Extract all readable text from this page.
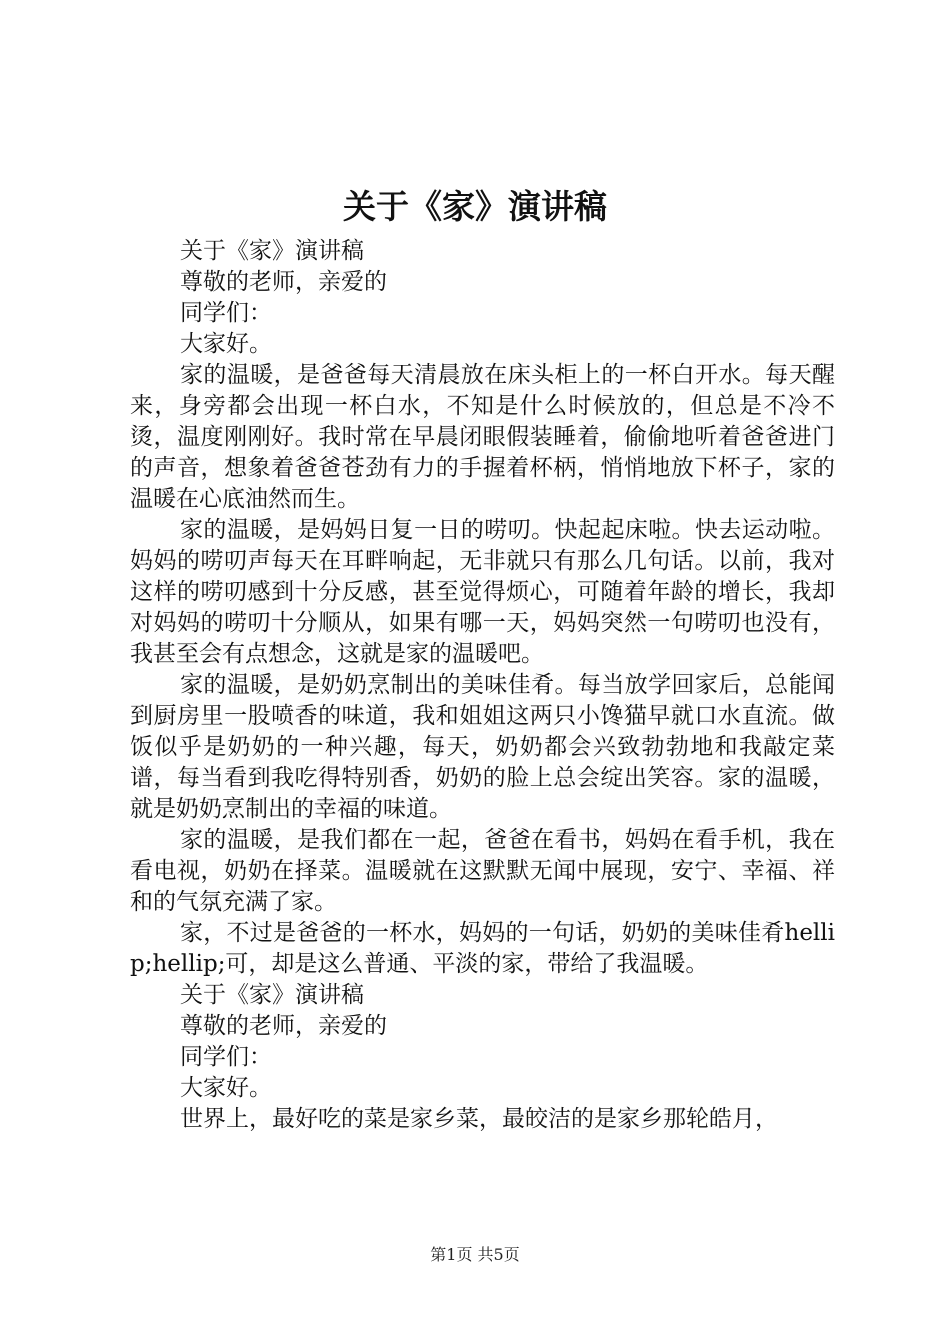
关于《家》演讲稿

关于《家》演讲稿

尊敬的老师，亲爱的

同学们：

大家好。

家的温暖，是爸爸每天清晨放在床头柜上的一杯白开水。每天醒来，身旁都会出现一杯白水，不知是什么时候放的，但总是不冷不烫，温度刚刚好。我时常在早晨闭眼假装睡着，偷偷地听着爸爸进门的声音，想象着爸爸苍劲有力的手握着杯柄，悄悄地放下杯子，家的温暖在心底油然而生。

家的温暖，是妈妈日复一日的唠叨。快起起床啦。快去运动啦。妈妈的唠叨声每天在耳畔响起，无非就只有那么几句话。以前，我对这样的唠叨感到十分反感，甚至觉得烦心，可随着年龄的增长，我却对妈妈的唠叨十分顺从，如果有哪一天，妈妈突然一句唠叨也没有，我甚至会有点想念，这就是家的温暖吧。

家的温暖，是奶奶烹制出的美味佳肴。每当放学回家后，总能闻到厨房里一股喷香的味道，我和姐姐这两只小馋猫早就口水直流。做饭似乎是奶奶的一种兴趣，每天，奶奶都会兴致勃勃地和我敲定菜谱，每当看到我吃得特别香，奶奶的脸上总会绽出笑容。家的温暖，就是奶奶烹制出的幸福的味道。

家的温暖，是我们都在一起，爸爸在看书，妈妈在看手机，我在看电视，奶奶在择菜。温暖就在这默默无闻中展现，安宁、幸福、祥和的气氛充满了家。

家，不过是爸爸的一杯水，妈妈的一句话，奶奶的美味佳肴hellip;hellip;可，却是这么普通、平淡的家，带给了我温暖。

关于《家》演讲稿

尊敬的老师，亲爱的

同学们：

大家好。

世界上，最好吃的菜是家乡菜，最皎洁的是家乡那轮皓月，

第1页 共5页
